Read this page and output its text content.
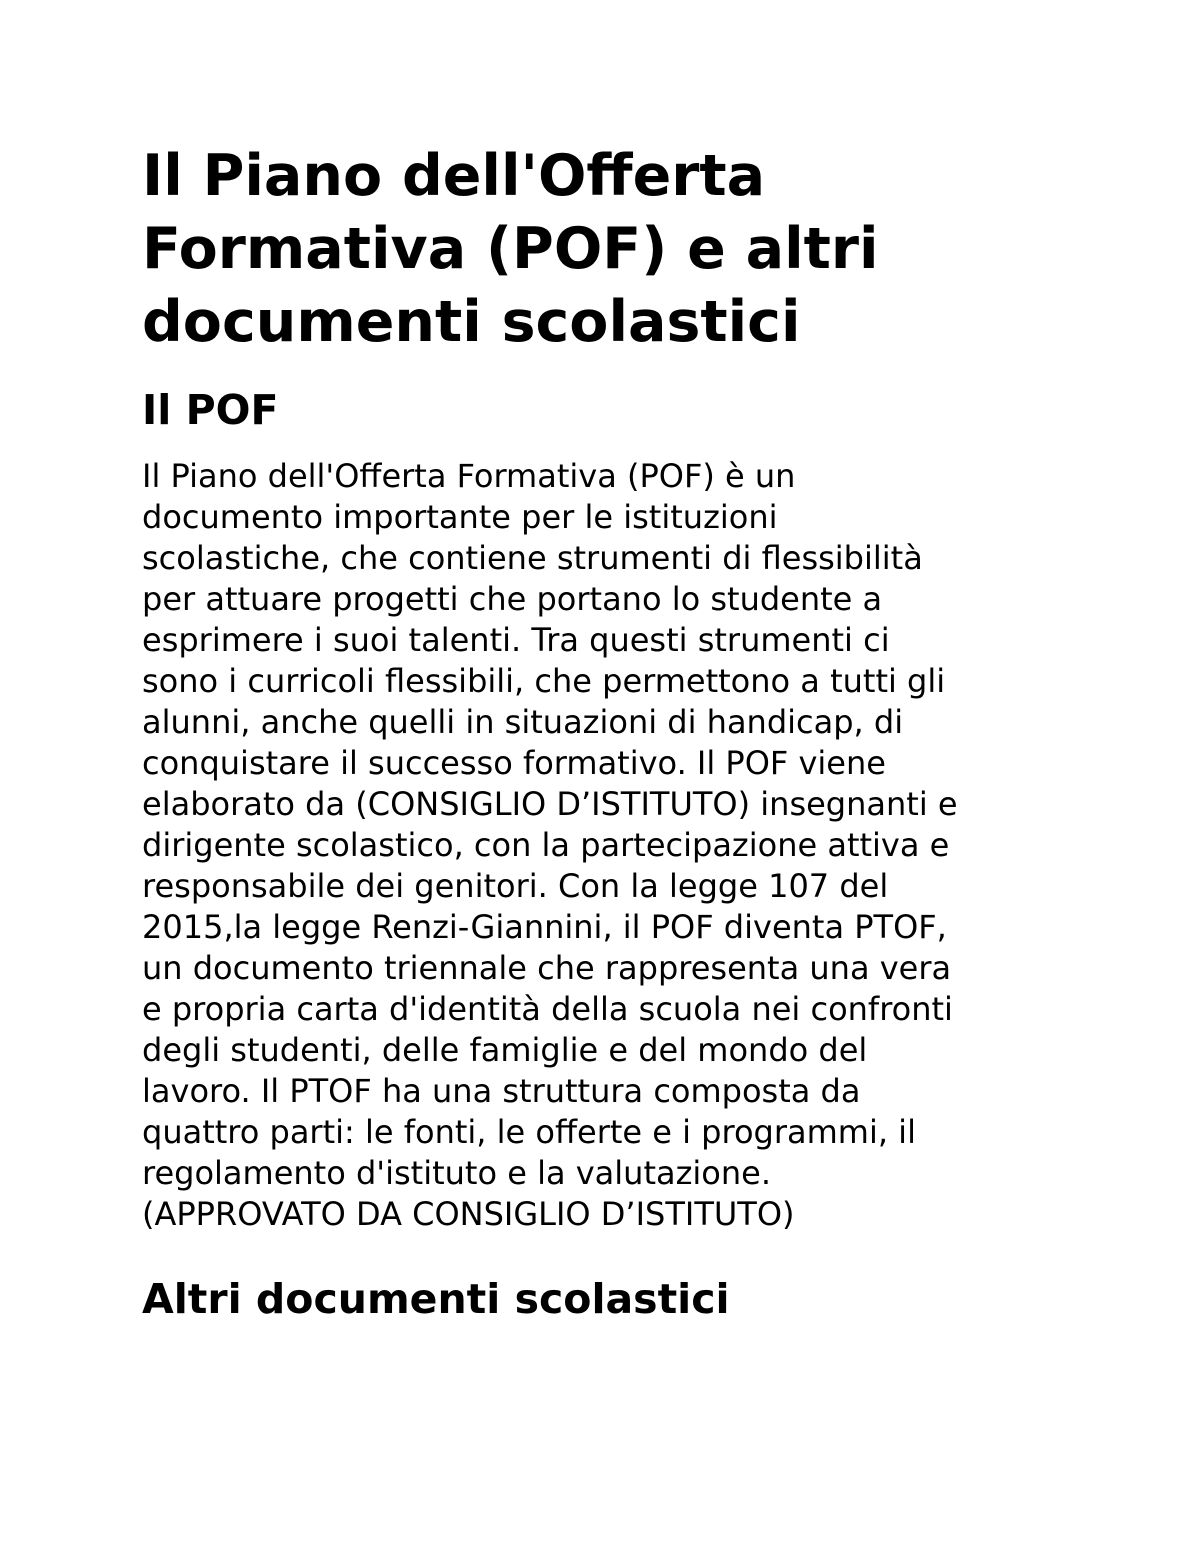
Il Piano dell'Offerta
Formativa (POF) e altri
documenti scolastici
Il POF

Il Piano dell'Offerta Formativa (POF) è un
documento importante per le istituzioni
scolastiche, che contiene strumenti di flessibilità
per attuare progetti che portano lo studente a
esprimere i suoi talenti. Tra questi strumenti ci
sono i curricoli flessibili, che permettono a tutti gli
alunni, anche quelli in situazioni di handicap, di
conquistare il successo formativo. Il POF viene
elaborato da (CONSIGLIO D’ISTITUTO) insegnanti e
dirigente scolastico, con la partecipazione attiva e
responsabile dei genitori. Con la legge 107 del
2015,la legge Renzi-Giannini, il POF diventa PTOF,
un documento triennale che rappresenta una vera
e propria carta d'identità della scuola nei confronti
degli studenti, delle famiglie e del mondo del
lavoro. Il PTOF ha una struttura composta da
quattro parti: le fonti, le offerte e i programmi, il
regolamento d'istituto e la valutazione.
(APPROVATO DA CONSIGLIO D’ISTITUTO)

Altri documenti scolastici
